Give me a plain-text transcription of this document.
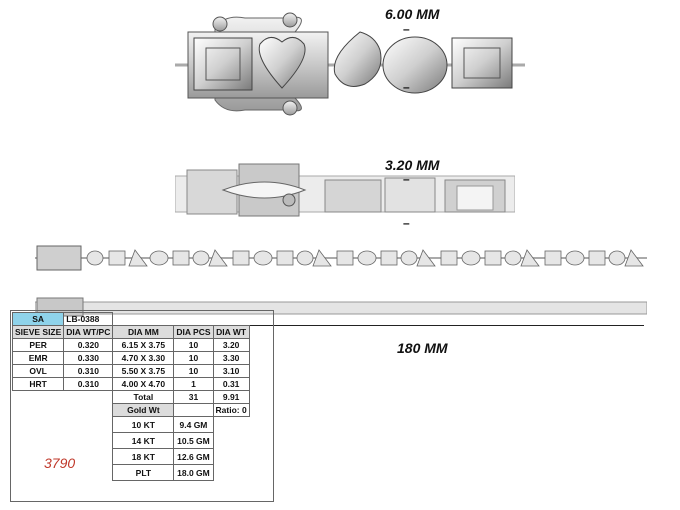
6.00 MM
–
–
3.20 MM
–
–
180 MM
SA	LB-0388			
SIEVE SIZE	DIA WT/PC	DIA MM	DIA PCS	DIA WT
PER	0.320	6.15 X 3.75	10	3.20
EMR	0.330	4.70 X 3.30	10	3.30
OVL	0.310	5.50 X 3.75	10	3.10
HRT	0.310	4.00 X 4.70	1	0.31
		Total	31	9.91
		Gold Wt		Ratio: 0
		10 KT	9.4 GM	
		14 KT	10.5 GM	
		18 KT	12.6 GM	
		PLT	18.0 GM	
3790
